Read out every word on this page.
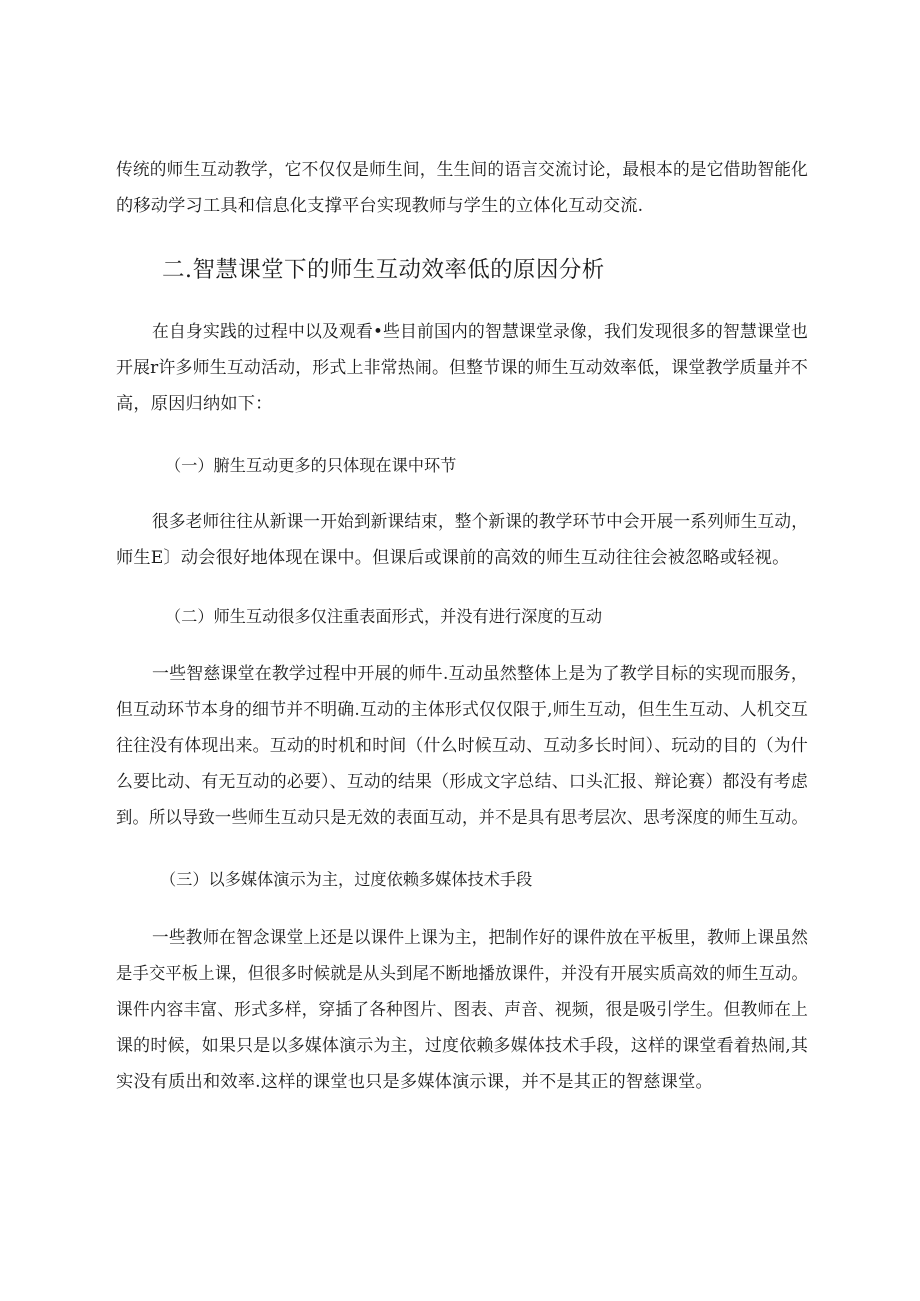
传统的师生互动教学，它不仅仅是师生间，生生间的语言交流讨论，最根本的是它借助智能化
的移动学习工具和信息化支撑平台实现教师与学生的立体化互动交流.
二.智慧课堂下的师生互动效率低的原因分析
在自身实践的过程中以及观看•些目前国内的智慧课堂录像，我们发现很多的智慧课堂也
开展r许多师生互动活动，形式上非常热闹。但整节课的师生互动效率低，课堂教学质量并不
高，原因归纳如下：
（一）腑生互动更多的只体现在课中环节
很多老师往往从新课一开始到新课结束，整个新课的教学环节中会开展一系列师生互动，
师生E〕动会很好地体现在课中。但课后或课前的高效的师生互动往往会被忽略或轻视。
（二）师生互动很多仅注重表面形式，并没有进行深度的互动
一些智慈课堂在教学过程中开展的师牛.互动虽然整体上是为了教学目标的实现而服务，
但互动环节本身的细节并不明确.互动的主体形式仅仅限于,师生互动，但生生互动、人机交互
往往没有体现出来。互动的时机和时间（什么时候互动、互动多长时间）、玩动的目的（为什
么要比动、有无互动的必要）、互动的结果（形成文字总结、口头汇报、辩论赛）都没有考虑
到。所以导致一些师生互动只是无效的表面互动，并不是具有思考层次、思考深度的师生互动。
（三）以多媒体演示为主，过度依赖多媒体技术手段
一些教师在智念课堂上还是以课件上课为主，把制作好的课件放在平板里，教师上课虽然
是手交平板上课，但很多时候就是从头到尾不断地播放课件，并没有开展实质高效的师生互动。
课件内容丰富、形式多样，穿插了各种图片、图表、声音、视频，很是吸引学生。但教师在上
课的时候，如果只是以多媒体演示为主，过度依赖多媒体技术手段，这样的课堂看着热闹,其
实没有质出和效率.这样的课堂也只是多媒体演示课，并不是其正的智慈课堂。
